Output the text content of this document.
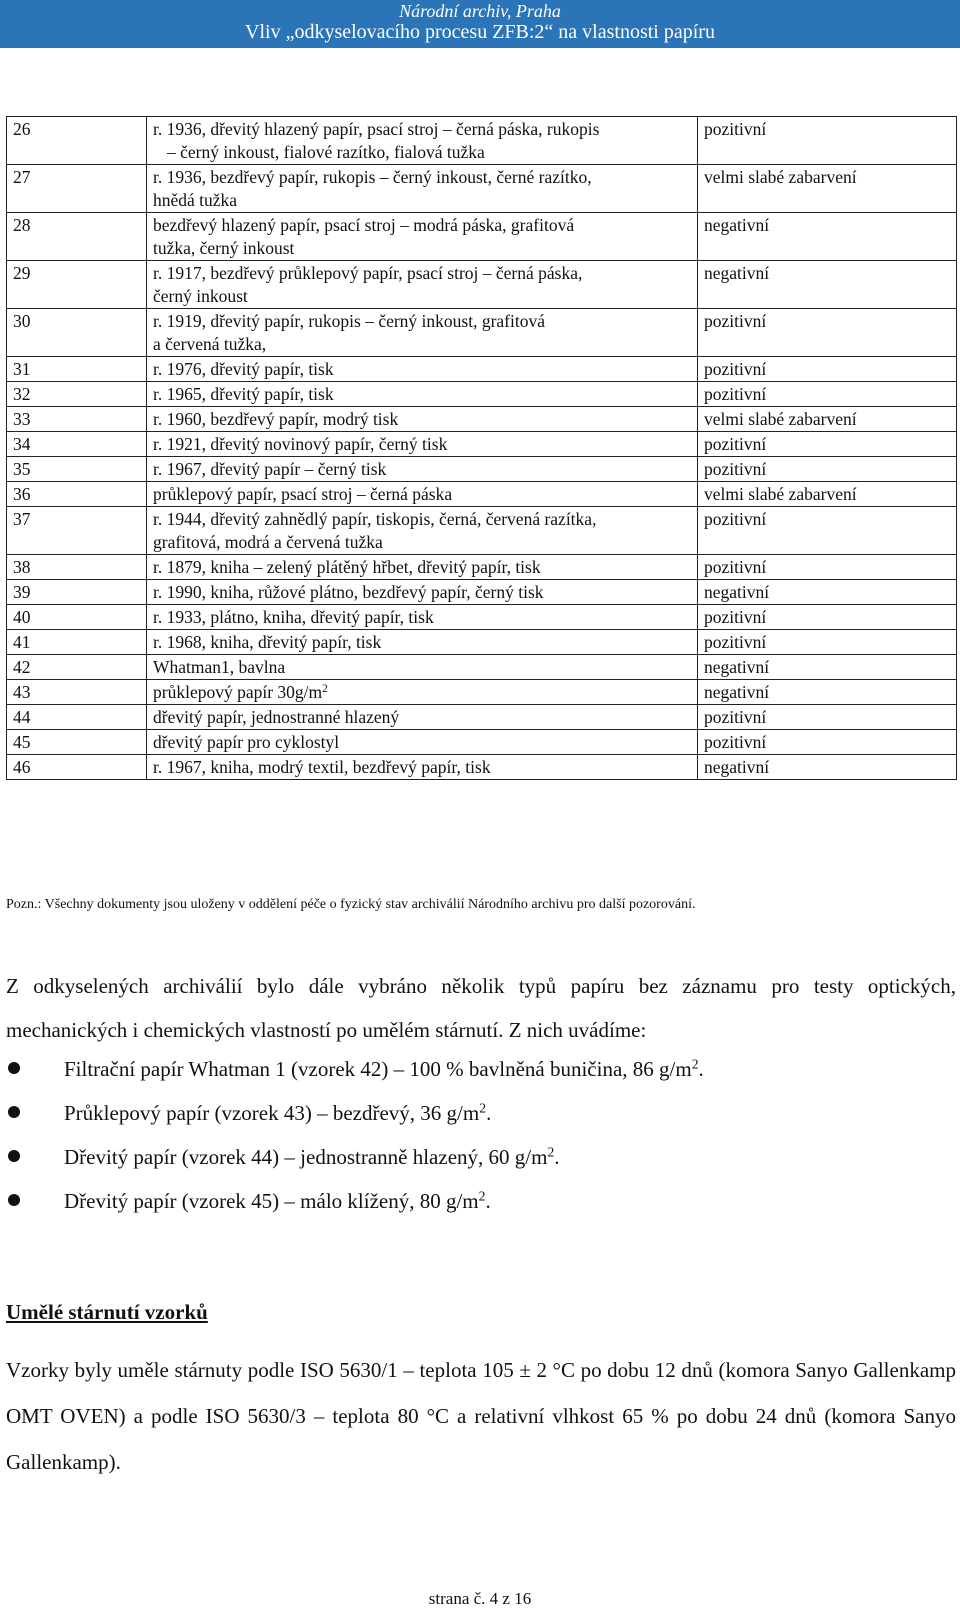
Národní archiv, Praha
Vliv „odkyselovacího procesu ZFB:2“ na vlastnosti papíru
26	r. 1936, dřevitý hlazený papír, psací stroj – černá páska, rukopis
– černý inkoust, fialové razítko, fialová tužka	pozitivní
27	r. 1936, bezdřevý papír, rukopis – černý inkoust, černé razítko,
hnědá tužka	velmi slabé zabarvení
28	bezdřevý hlazený papír, psací stroj – modrá páska, grafitová
tužka, černý inkoust	negativní
29	r. 1917, bezdřevý průklepový papír, psací stroj – černá páska,
černý inkoust	negativní
30	r. 1919, dřevitý papír, rukopis – černý inkoust, grafitová
a červená tužka,	pozitivní
31	r. 1976, dřevitý papír, tisk	pozitivní
32	r. 1965, dřevitý papír, tisk	pozitivní
33	r. 1960, bezdřevý papír, modrý tisk	velmi slabé zabarvení
34	r. 1921, dřevitý novinový papír, černý tisk	pozitivní
35	r. 1967, dřevitý papír – černý tisk	pozitivní
36	průklepový papír, psací stroj – černá páska	velmi slabé zabarvení
37	r. 1944, dřevitý zahnědlý papír, tiskopis, černá, červená razítka,
grafitová, modrá a červená tužka	pozitivní
38	r. 1879, kniha – zelený plátěný hřbet, dřevitý papír, tisk	pozitivní
39	r. 1990, kniha, růžové plátno, bezdřevý papír, černý tisk	negativní
40	r. 1933, plátno, kniha, dřevitý papír, tisk	pozitivní
41	r. 1968, kniha, dřevitý papír, tisk	pozitivní
42	Whatman1, bavlna	negativní
43	průklepový papír $30g/m^2$	negativní
44	dřevitý papír, jednostranné hlazený	pozitivní
45	dřevitý papír pro cyklostyl	pozitivní
46	r. 1967, kniha, modrý textil, bezdřevý papír, tisk	negativní
Pozn.: Všechny dokumenty jsou uloženy v oddělení péče o fyzický stav archiválií Národního archivu pro další pozorování.
Z odkyselených archiválií bylo dále vybráno několik typů papíru bez záznamu pro testy optických, mechanických i chemických vlastností po umělém stárnutí. Z nich uvádíme:
Filtrační papír Whatman 1 (vzorek 42) – 100 % bavlněná buničina, 86 $g/m^2$.
Průklepový papír (vzorek 43) – bezdřevý, 36 $g/m^2$.
Dřevitý papír (vzorek 44) – jednostranně hlazený, 60 $g/m^2$.
Dřevitý papír (vzorek 45) – málo klížený, 80 $g/m^2$.
Umělé stárnutí vzorků
Vzorky byly uměle stárnuty podle ISO 5630/1 – teplota 105 ± 2 °C po dobu 12 dnů (komora Sanyo Gallenkamp OMT OVEN) a podle ISO 5630/3 – teplota 80 °C a relativní vlhkost 65 % po dobu 24 dnů (komora Sanyo Gallenkamp).
strana č. 4 z 16
